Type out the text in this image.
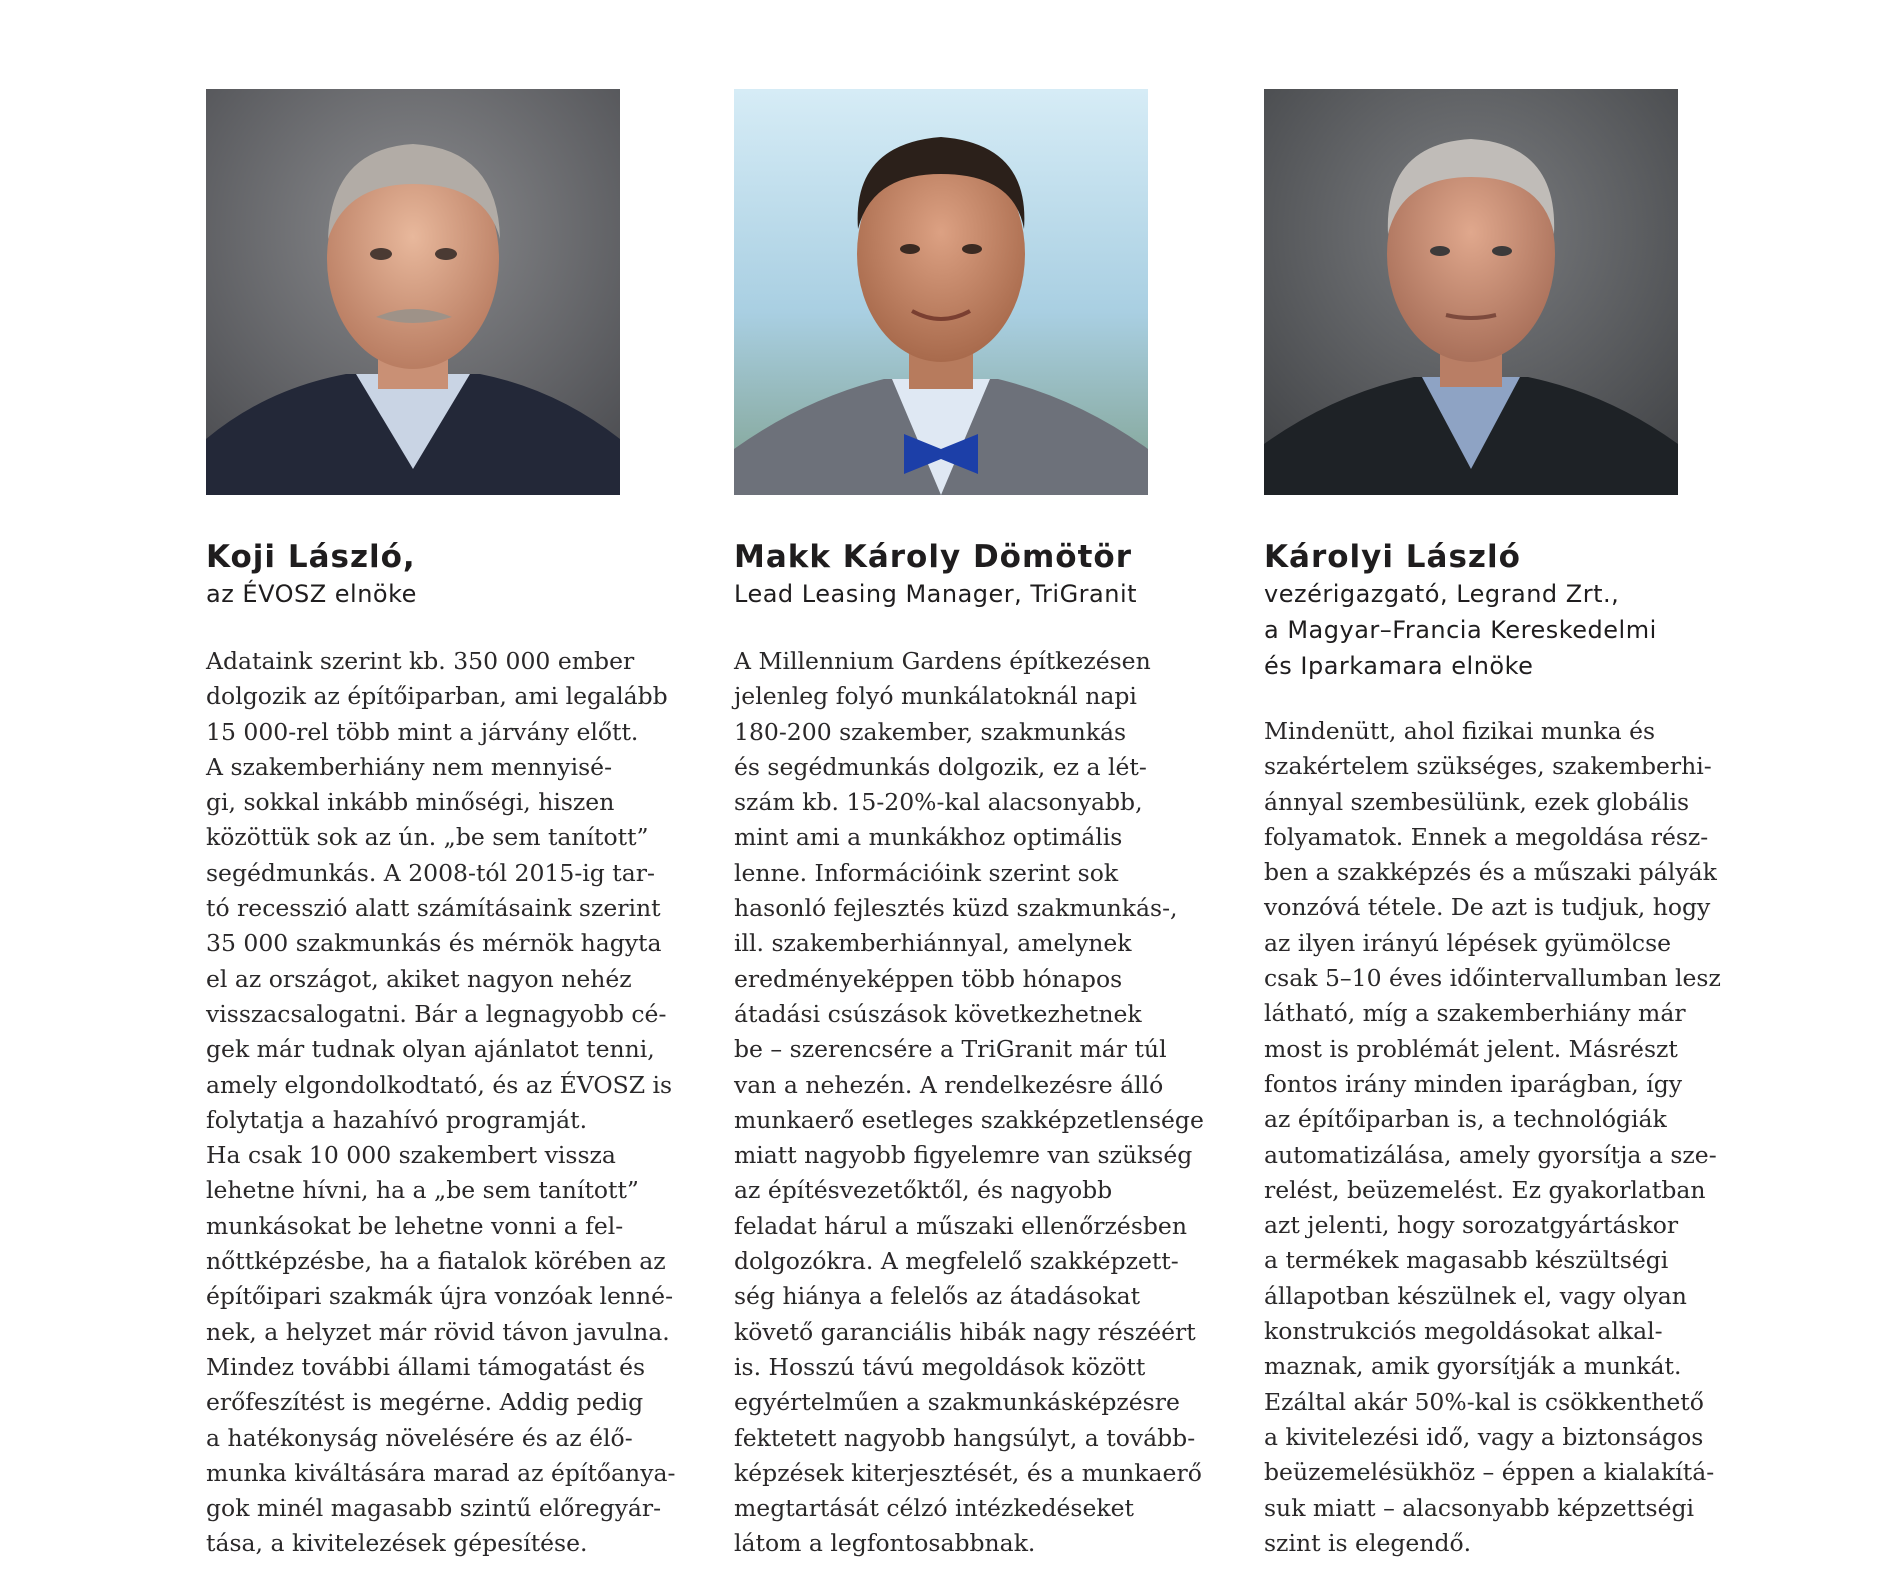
Koji László,

az ÉVOSZ elnöke

Adataink szerint kb. 350 000 ember
dolgozik az építőiparban, ami legalább
15 000-rel több mint a járvány előtt.
A szakemberhiány nem mennyisé-
gi, sokkal inkább minőségi, hiszen
közöttük sok az ún. „be sem tanított”
segédmunkás. A 2008-tól 2015-ig tar-
tó recesszió alatt számításaink szerint
35 000 szakmunkás és mérnök hagyta
el az országot, akiket nagyon nehéz
visszacsalogatni. Bár a legnagyobb cé-
gek már tudnak olyan ajánlatot tenni,
amely elgondolkodtató, és az ÉVOSZ is
folytatja a hazahívó programját.
Ha csak 10 000 szakembert vissza
lehetne hívni, ha a „be sem tanított”
munkásokat be lehetne vonni a fel-
nőttképzésbe, ha a fiatalok körében az
építőipari szakmák újra vonzóak lenné-
nek, a helyzet már rövid távon javulna.
Mindez további állami támogatást és
erőfeszítést is megérne. Addig pedig
a hatékonyság növelésére és az élő-
munka kiváltására marad az építőanya-
gok minél magasabb szintű előregyár-
tása, a kivitelezések gépesítése.
Makk Károly Dömötör

Lead Leasing Manager, TriGranit

A Millennium Gardens építkezésen
jelenleg folyó munkálatoknál napi
180-200 szakember, szakmunkás
és segédmunkás dolgozik, ez a lét-
szám kb. 15-20%-kal alacsonyabb,
mint ami a munkákhoz optimális
lenne. Információink szerint sok
hasonló fejlesztés küzd szakmunkás-,
ill. szakemberhiánnyal, amelynek
eredményeképpen több hónapos
átadási csúszások következhetnek
be – szerencsére a TriGranit már túl
van a nehezén. A rendelkezésre álló
munkaerő esetleges szakképzetlensége
miatt nagyobb figyelemre van szükség
az építésvezetőktől, és nagyobb
feladat hárul a műszaki ellenőrzésben
dolgozókra. A megfelelő szakképzett-
ség hiánya a felelős az átadásokat
követő garanciális hibák nagy részéért
is. Hosszú távú megoldások között
egyértelműen a szakmunkásképzésre
fektetett nagyobb hangsúlyt, a tovább-
képzések kiterjesztését, és a munkaerő
megtartását célzó intézkedéseket
látom a legfontosabbnak.
Károlyi László

vezérigazgató, Legrand Zrt.,
a Magyar–Francia Kereskedelmi
és Iparkamara elnöke

Mindenütt, ahol fizikai munka és
szakértelem szükséges, szakemberhi-
ánnyal szembesülünk, ezek globális
folyamatok. Ennek a megoldása rész-
ben a szakképzés és a műszaki pályák
vonzóvá tétele. De azt is tudjuk, hogy
az ilyen irányú lépések gyümölcse
csak 5–10 éves időintervallumban lesz
látható, míg a szakemberhiány már
most is problémát jelent. Másrészt
fontos irány minden iparágban, így
az építőiparban is, a technológiák
automatizálása, amely gyorsítja a sze-
relést, beüzemelést. Ez gyakorlatban
azt jelenti, hogy sorozatgyártáskor
a termékek magasabb készültségi
állapotban készülnek el, vagy olyan
konstrukciós megoldásokat alkal-
maznak, amik gyorsítják a munkát.
Ezáltal akár 50%-kal is csökkenthető
a kivitelezési idő, vagy a biztonságos
beüzemelésükhöz – éppen a kialakítá-
suk miatt – alacsonyabb képzettségi
szint is elegendő.
